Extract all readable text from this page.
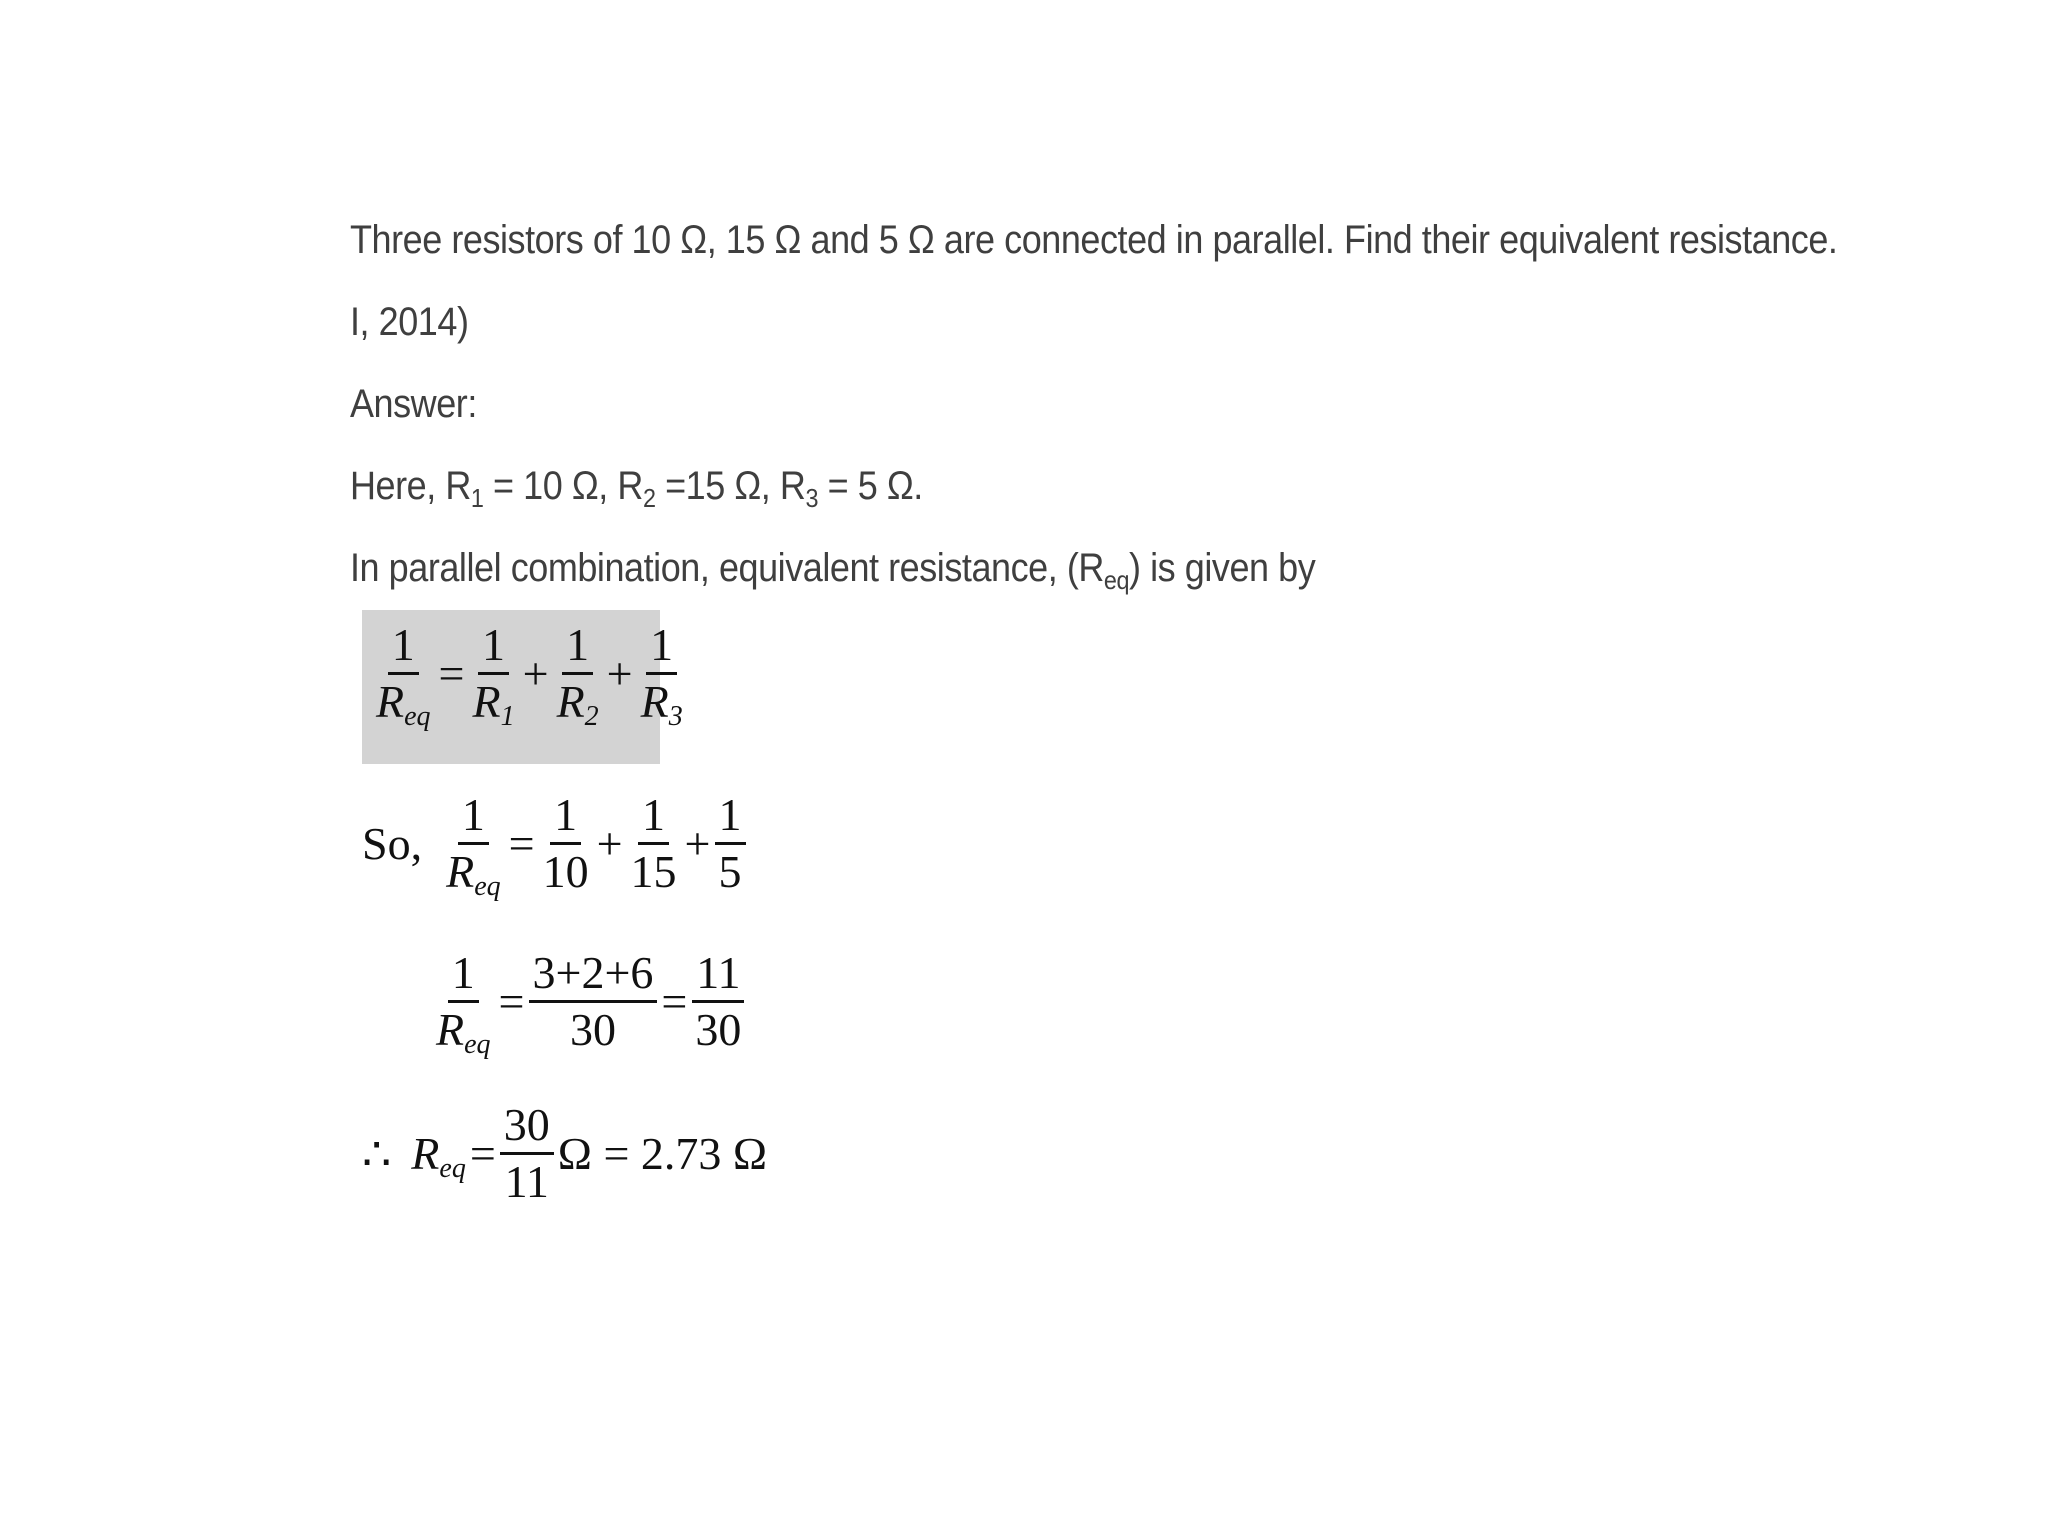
Three resistors of 10 Ω, 15 Ω and 5 Ω are connected in parallel. Find their equivalent resistance.
I, 2014)
Answer:
Here, $R_1 = 10$ Ω, $R_2 =15$ Ω, $R_3 = 5$ Ω.
In parallel combination, equivalent resistance, $(R_{eq})$ is given by
$\frac{1}{R_{eq}} = \frac{1}{R_1} + \frac{1}{R_2} + \frac{1}{R_3}$
So, $\frac{1}{R_{eq}} = \frac{1}{10} + \frac{1}{15} + \frac{1}{5}$
$\frac{1}{R_{eq}} = \frac{3+2+6}{30} = \frac{11}{30}$
∴ $R_{eq}= \frac{30}{11}$ Ω = 2.73 Ω
